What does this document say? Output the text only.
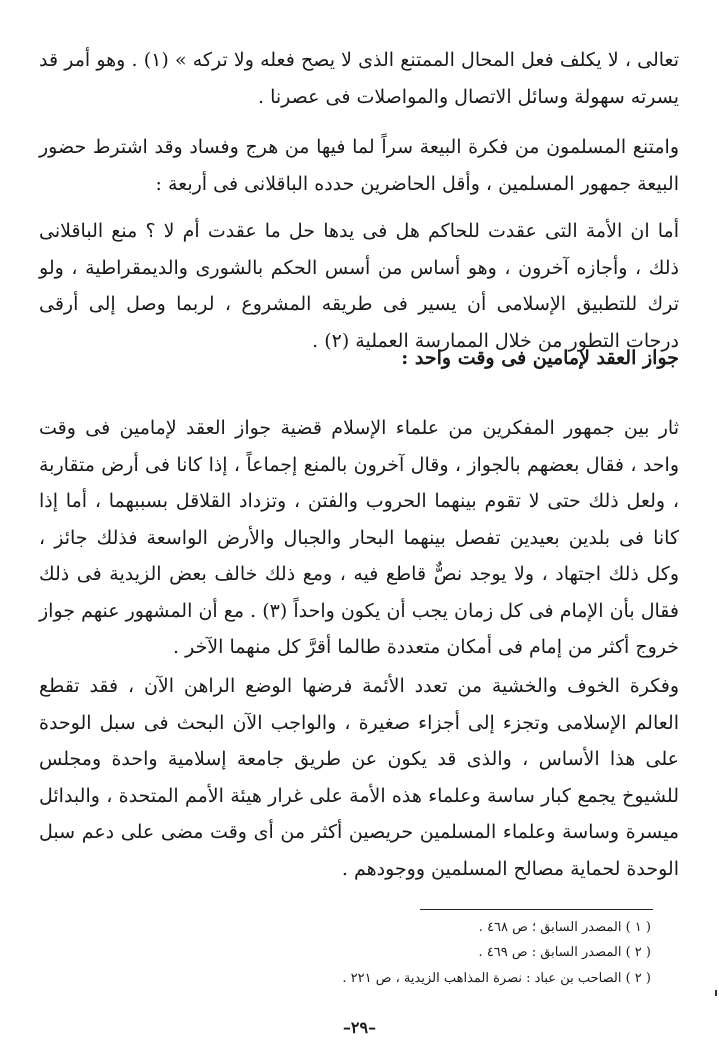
تعالى ، لا يكلف فعل المحال الممتنع الذى لا يصح فعله ولا تركه » (١) . وهو أمر قد يسرته سهولة وسائل الاتصال والمواصلات فى عصرنا .

وامتنع المسلمون من فكرة البيعة سراً لما فيها من هرج وفساد وقد اشترط حضور البيعة جمهور المسلمين ، وأقل الحاضرين حدده الباقلانى فى أربعة :

أما ان الأمة التى عقدت للحاكم هل فى يدها حل ما عقدت أم لا ؟ منع الباقلانى ذلك ، وأجازه آخرون ، وهو أساس من أسس الحكم بالشورى والديمقراطية ، ولو ترك للتطبيق الإسلامى أن يسير فى طريقه المشروع ، لربما وصل إلى أرقى درجات التطور من خلال الممارسة العملية (٢) .

جواز العقد لإمامين فى وقت واحد :

ثار بين جمهور المفكرين من علماء الإسلام قضية جواز العقد لإمامين فى وقت واحد ، فقال بعضهم بالجواز ، وقال آخرون بالمنع إجماعاً ، إذا كانا فى أرض متقاربة ، ولعل ذلك حتى لا تقوم بينهما الحروب والفتن ، وتزداد القلاقل بسببهما ، أما إذا كانا فى بلدين بعيدين تفصل بينهما البحار والجبال والأرض الواسعة فذلك جائز ، وكل ذلك اجتهاد ، ولا يوجد نصٌّ قاطع فيه ، ومع ذلك خالف بعض الزيدية فى ذلك فقال بأن الإمام فى كل زمان يجب أن يكون واحداً (٣) . مع أن المشهور عنهم جواز خروج أكثر من إمام فى أمكان متعددة طالما أقرَّ كل منهما الآخر .

وفكرة الخوف والخشية من تعدد الأئمة فرضها الوضع الراهن الآن ، فقد تقطع العالم الإسلامى وتجزء إلى أجزاء صغيرة ، والواجب الآن البحث فى سبل الوحدة على هذا الأساس ، والذى قد يكون عن طريق جامعة إسلامية واحدة ومجلس للشيوخ يجمع كبار ساسة وعلماء هذه الأمة على غرار هيئة الأمم المتحدة ، والبدائل ميسرة وساسة وعلماء المسلمين حريصين أكثر من أى وقت مضى على دعم سبل الوحدة لحماية مصالح المسلمين ووجودهم .

( ١ ) المصدر السابق ؛ ص ٤٦٨ .
( ٢ ) المصدر السابق : ص ٤٦٩ .
( ٢ ) الصاحب بن عباد : نصرة المذاهب الزيدية ، ص ٢٢١ .
–٢٩–
